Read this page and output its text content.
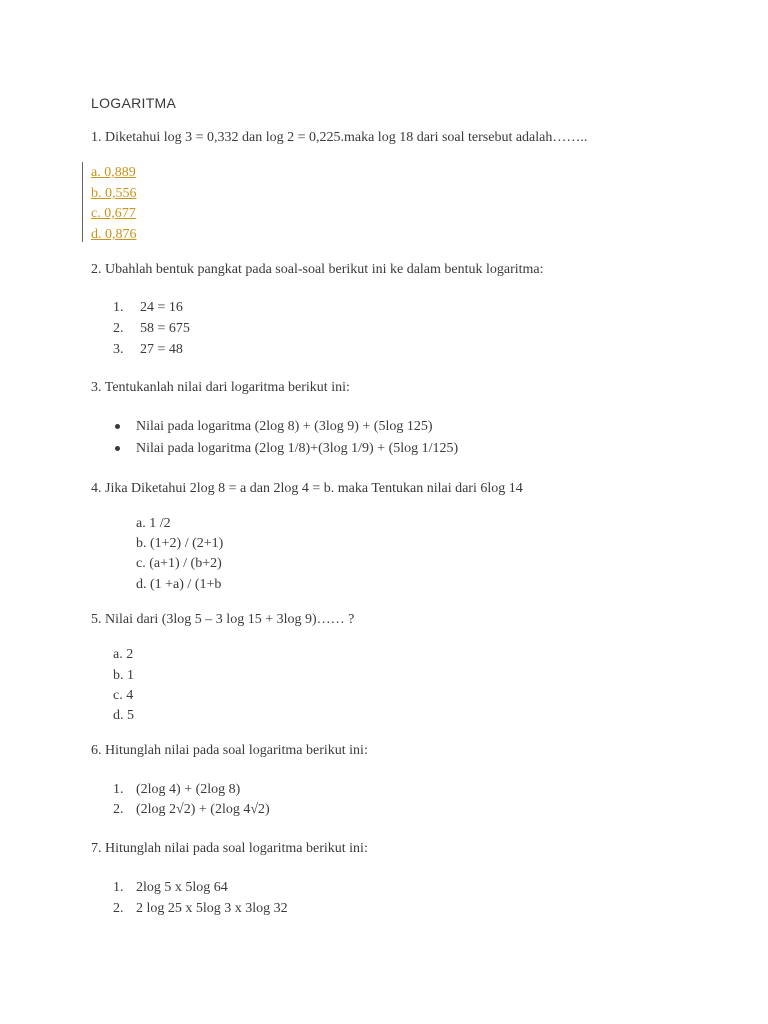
LOGARITMA
1. Diketahui log 3 = 0,332 dan log 2 = 0,225.maka log 18 dari soal tersebut adalah……..
a. 0,889
b. 0,556
c. 0,677
d. 0,876
2. Ubahlah bentuk pangkat pada soal-soal berikut ini ke dalam bentuk logaritma:
1. 24 = 16
2. 58 = 675
3. 27 = 48
3. Tentukanlah nilai dari logaritma berikut ini:
Nilai pada logaritma (2log 8) + (3log 9) + (5log 125)
Nilai pada logaritma (2log 1/8)+(3log 1/9) + (5log 1/125)
4. Jika Diketahui 2log 8 = a dan 2log 4 = b. maka Tentukan nilai dari 6log 14
a. 1 /2
b. (1+2) / (2+1)
c. (a+1) / (b+2)
d. (1 +a) / (1+b
5. Nilai dari (3log 5 – 3 log 15 + 3log 9)…… ?
a. 2
b. 1
c. 4
d. 5
6. Hitunglah nilai pada soal logaritma berikut ini:
1. (2log 4) + (2log 8)
2. (2log 2√2) + (2log 4√2)
7. Hitunglah nilai pada soal logaritma berikut ini:
1. 2log 5 x 5log 64
2. 2 log 25 x 5log 3 x 3log 32
